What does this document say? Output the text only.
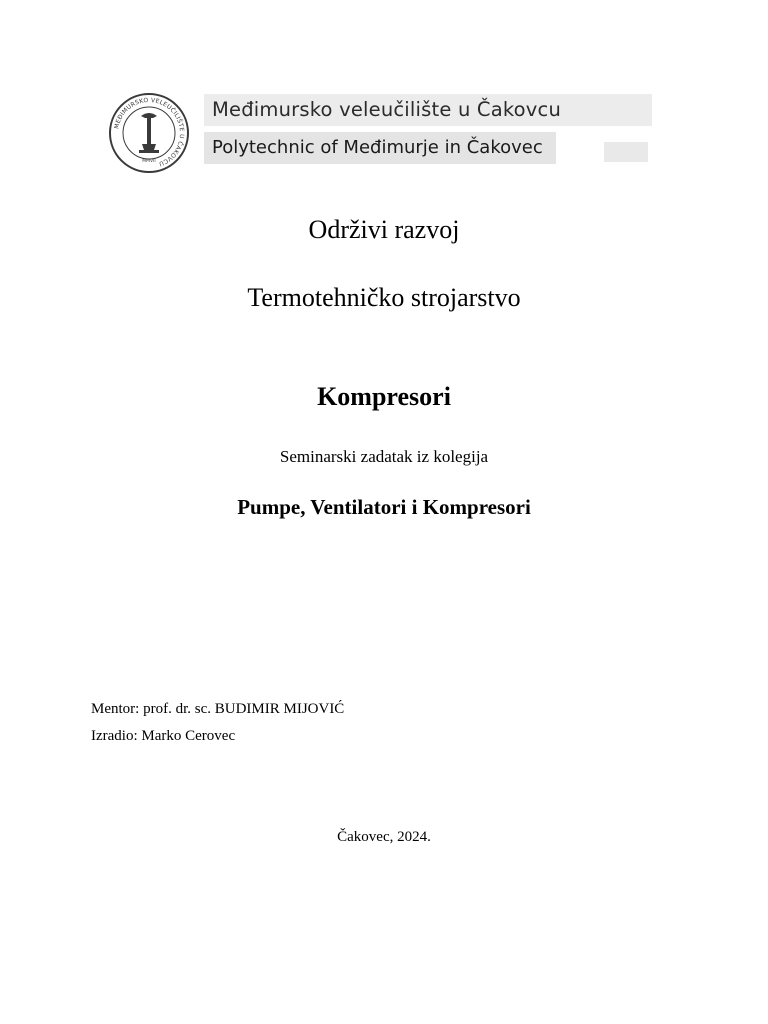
MEĐIMURSKO VELEUČILIŠTE U ČAKOVCU
MMVII
Međimursko veleučilište u Čakovcu
Polytechnic of Međimurje in Čakovec
Održivi razvoj
Termotehničko strojarstvo
Kompresori
Seminarski zadatak iz kolegija
Pumpe, Ventilatori i Kompresori
Mentor: prof. dr. sc. BUDIMIR MIJOVIĆ
Izradio: Marko Cerovec
Čakovec, 2024.
